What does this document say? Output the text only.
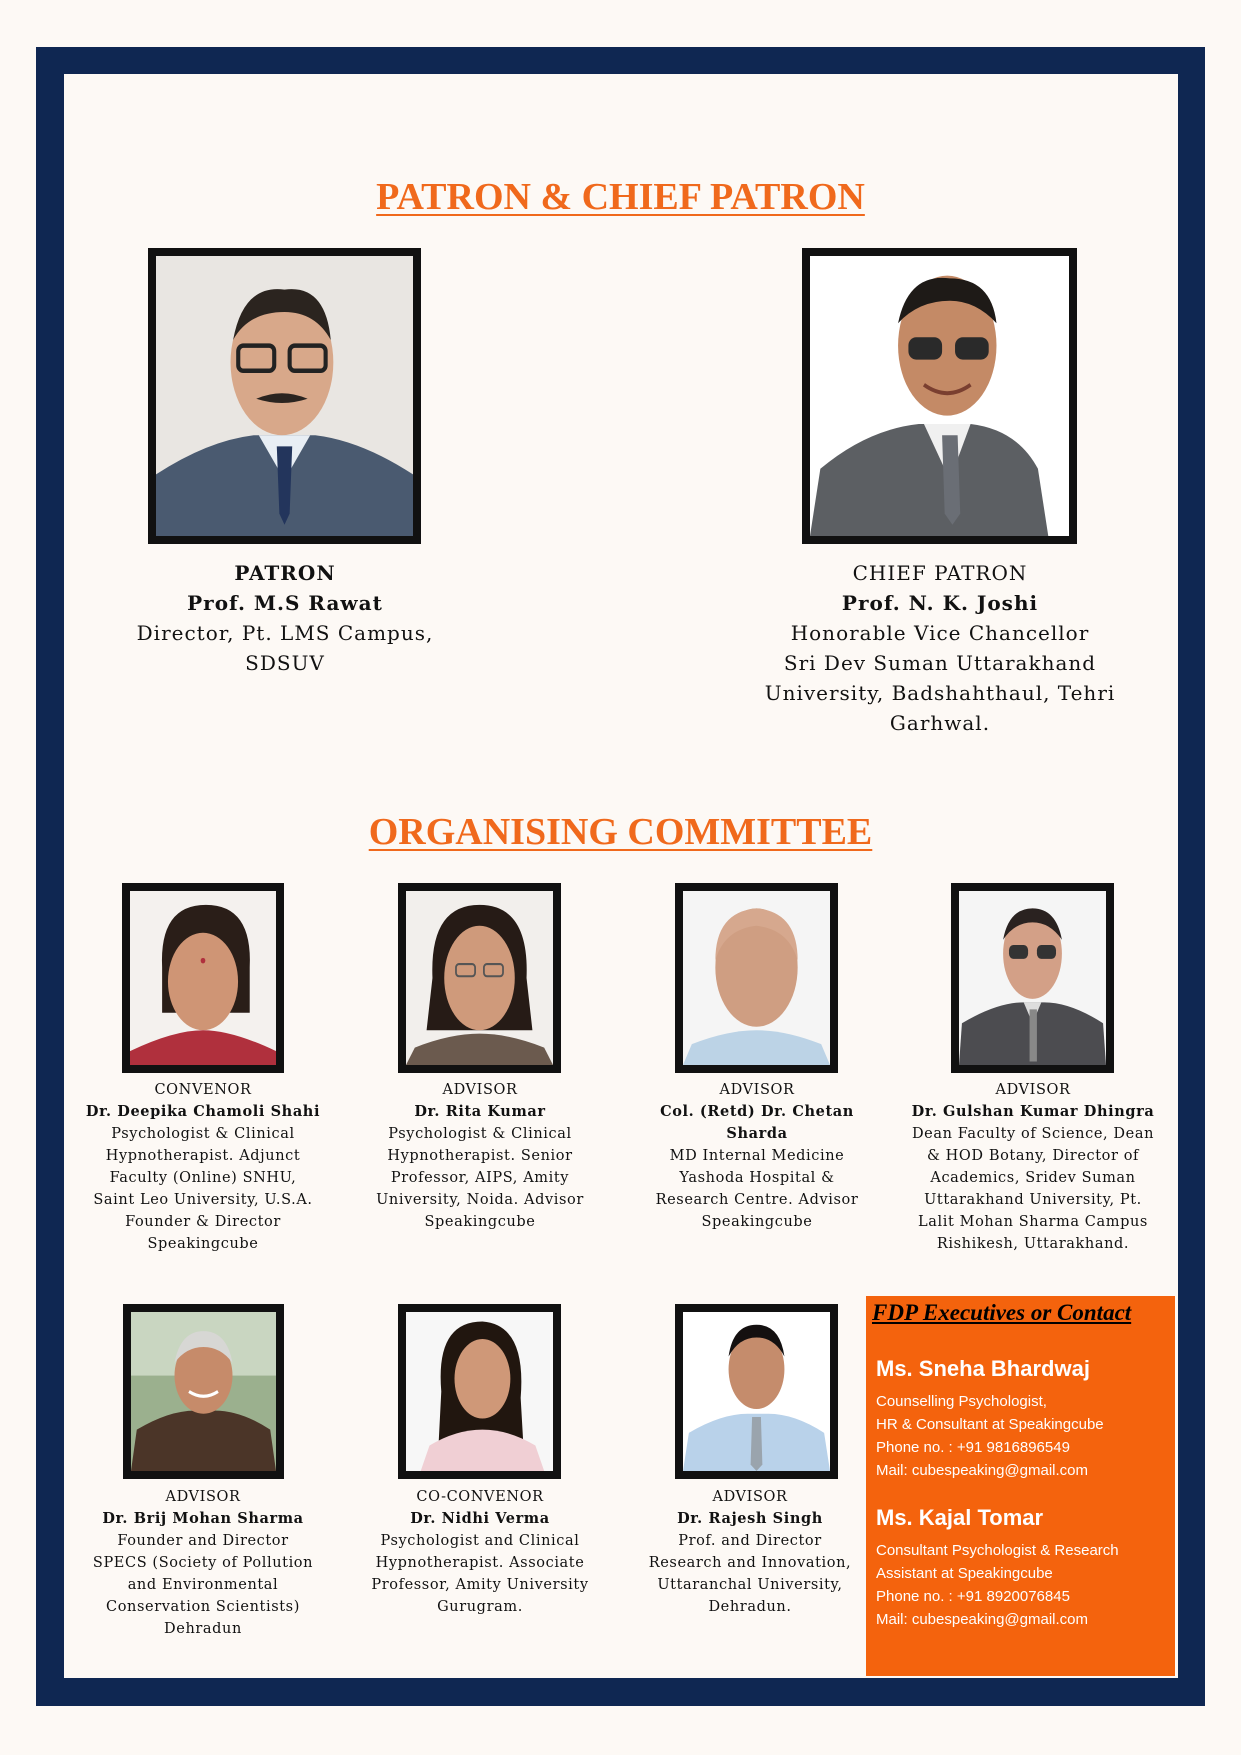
PATRON & CHIEF PATRON
PATRON
Prof. M.S Rawat
Director, Pt. LMS Campus,
SDSUV
CHIEF PATRON
Prof. N. K. Joshi
Honorable Vice Chancellor
Sri Dev Suman Uttarakhand
University, Badshahthaul, Tehri
Garhwal.
ORGANISING COMMITTEE
CONVENOR
Dr. Deepika Chamoli Shahi
Psychologist & Clinical
Hypnotherapist. Adjunct
Faculty (Online) SNHU,
Saint Leo University, U.S.A.
Founder & Director
Speakingcube
ADVISOR
Dr. Rita Kumar
Psychologist & Clinical
Hypnotherapist. Senior
Professor, AIPS, Amity
University, Noida. Advisor
Speakingcube
ADVISOR
Col. (Retd) Dr. Chetan
Sharda
MD Internal Medicine
Yashoda Hospital &
Research Centre. Advisor
Speakingcube
ADVISOR
Dr. Gulshan Kumar Dhingra
Dean Faculty of Science, Dean
& HOD Botany, Director of
Academics, Sridev Suman
Uttarakhand University, Pt.
Lalit Mohan Sharma Campus
Rishikesh, Uttarakhand.
ADVISOR
Dr. Brij Mohan Sharma
Founder and Director
SPECS (Society of Pollution
and Environmental
Conservation Scientists)
Dehradun
CO-CONVENOR
Dr. Nidhi Verma
Psychologist and Clinical
Hypnotherapist. Associate
Professor, Amity University
Gurugram.
ADVISOR
Dr. Rajesh Singh
Prof. and Director
Research and Innovation,
Uttaranchal University,
Dehradun.
FDP Executives or Contact
Ms. Sneha Bhardwaj
Counselling Psychologist,
HR & Consultant at Speakingcube
Phone no. : +91 9816896549
Mail: cubespeaking@gmail.com
Ms. Kajal Tomar
Consultant Psychologist & Research
Assistant at Speakingcube
Phone no. : +91 8920076845
Mail: cubespeaking@gmail.com
